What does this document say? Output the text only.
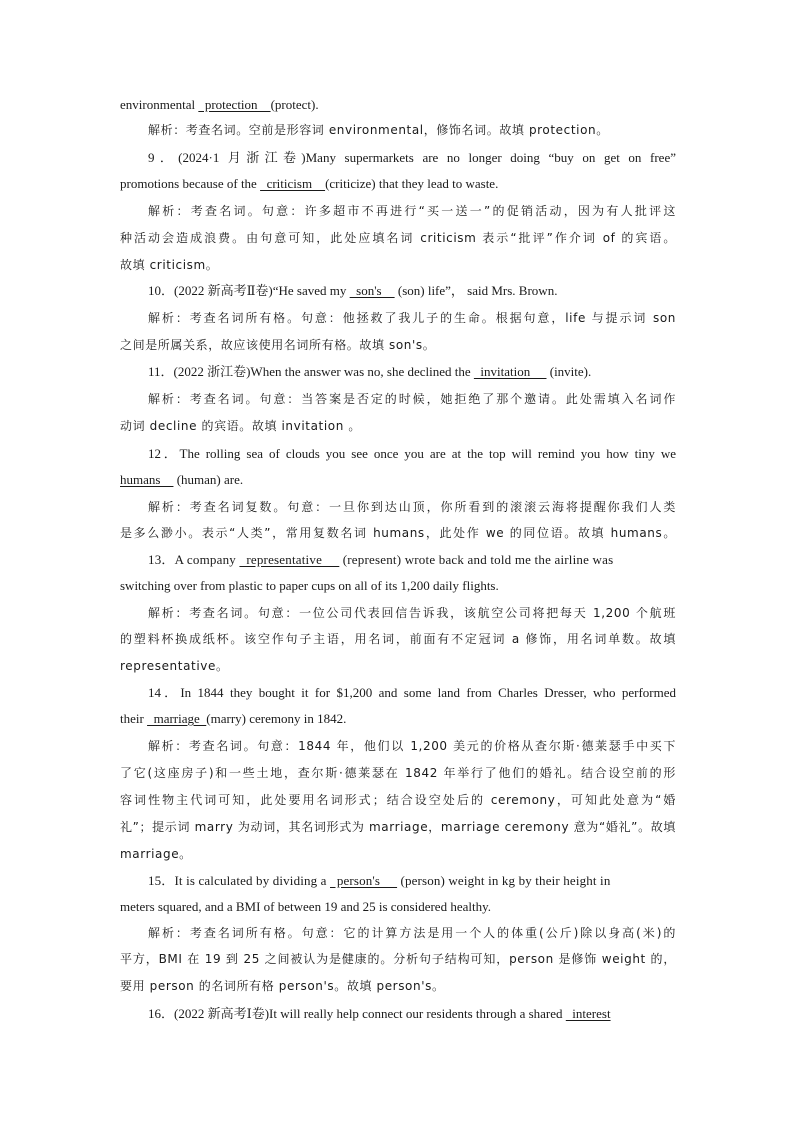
environmental   protection    (protect).
解析：考查名词。空前是形容词 environmental，修饰名词。故填 protection。
9．(2024·1 月浙江卷)Many supermarkets are no longer doing “buy on get on free”
promotions because of the   criticism    (criticize) that they lead to waste.
解析：考查名词。句意：许多超市不再进行“买一送一”的促销活动，因为有人批评这
种活动会造成浪费。由句意可知，此处应填名词 criticism 表示“批评”作介词 of 的宾语。
故填 criticism。
10．(2022 新高考Ⅱ卷)“He saved my   son's     (son) life”， said Mrs. Brown.
解析：考查名词所有格。句意：他拯救了我儿子的生命。根据句意，life 与提示词 son
之间是所属关系，故应该使用名词所有格。故填 son's。
11．(2022 浙江卷)When the answer was no, she declined the   invitation      (invite).
解析：考查名词。句意：当答案是否定的时候，她拒绝了那个邀请。此处需填入名词作
动词 decline 的宾语。故填 invitation 。
12．The rolling sea of clouds you see once you are at the top will remind you how tiny we
humans     (human) are.
解析：考查名词复数。句意：一旦你到达山顶，你所看到的滚滚云海将提醒你我们人类
是多么渺小。表示“人类”，常用复数名词 humans，此处作 we 的同位语。故填 humans。
13．A company   representative      (represent) wrote back and told me the airline was
switching over from plastic to paper cups on all of its 1,200 daily flights.
解析：考查名词。句意：一位公司代表回信告诉我，该航空公司将把每天 1,200 个航班
的塑料杯换成纸杯。该空作句子主语，用名词，前面有不定冠词 a 修饰，用名词单数。故填
representative。
14．In 1844 they bought it for $1,200 and some land from Charles Dresser, who performed
their   marriage  (marry) ceremony in 1842.
解析：考查名词。句意：1844 年，他们以 1,200 美元的价格从查尔斯·德莱瑟手中买下
了它(这座房子)和一些土地，查尔斯·德莱瑟在 1842 年举行了他们的婚礼。结合设空前的形
容词性物主代词可知，此处要用名词形式；结合设空处后的 ceremony，可知此处意为“婚
礼”；提示词 marry 为动词，其名词形式为 marriage，marriage ceremony 意为“婚礼”。故填
marriage。
15．It is calculated by dividing a   person's      (person) weight in kg by their height in
meters squared, and a BMI of between 19 and 25 is considered healthy.
解析：考查名词所有格。句意：它的计算方法是用一个人的体重(公斤)除以身高(米)的
平方，BMI 在 19 到 25 之间被认为是健康的。分析句子结构可知，person 是修饰 weight 的，
要用 person 的名词所有格 person's。故填 person's。
16．(2022 新高考Ⅰ卷)It will really help connect our residents through a shared   interest
